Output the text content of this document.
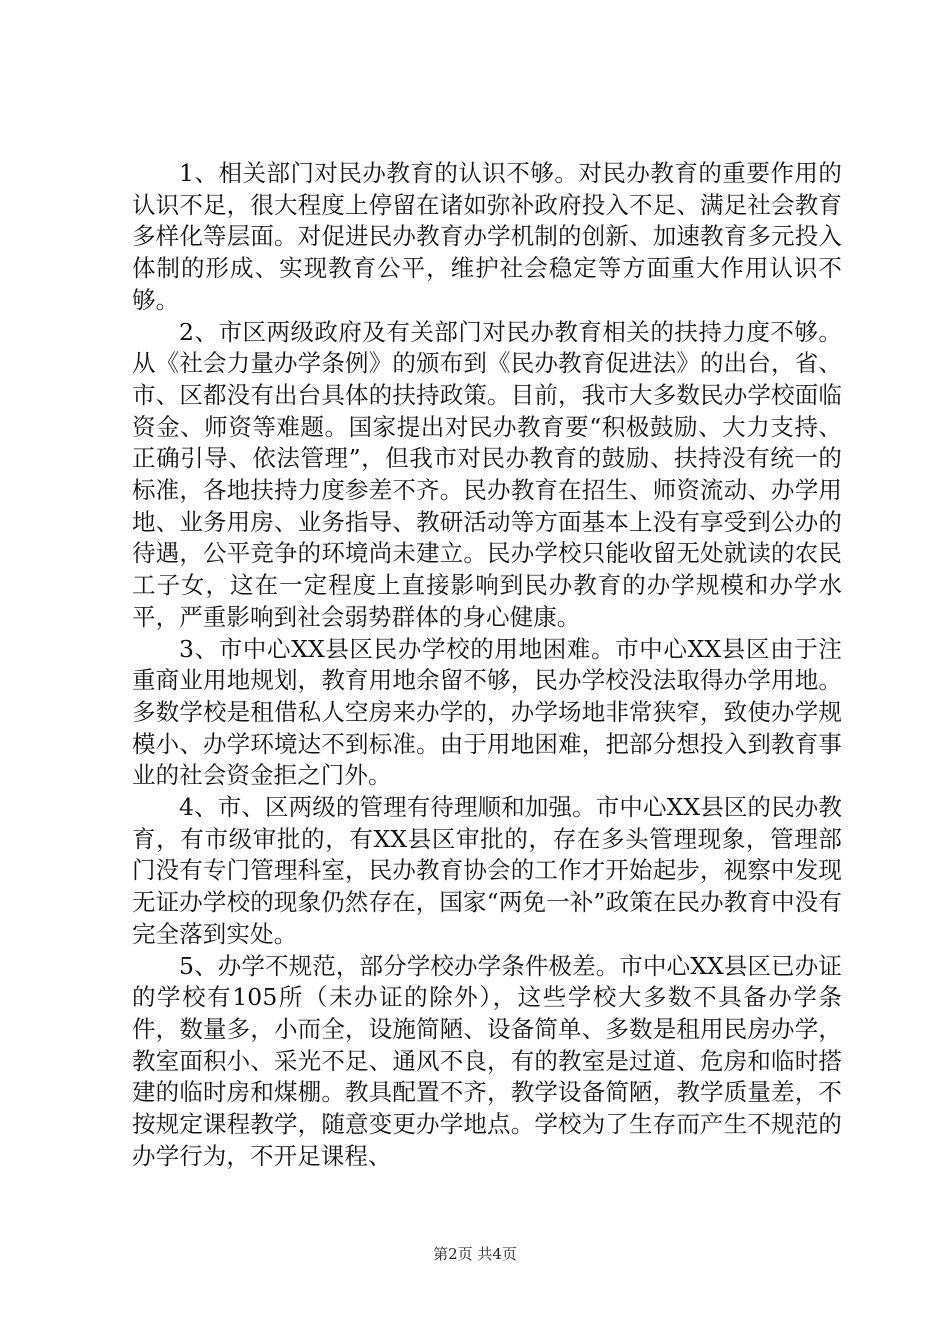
1、相关部门对民办教育的认识不够。对民办教育的重要作用的认识不足，很大程度上停留在诸如弥补政府投入不足、满足社会教育多样化等层面。对促进民办教育办学机制的创新、加速教育多元投入体制的形成、实现教育公平，维护社会稳定等方面重大作用认识不够。

2、市区两级政府及有关部门对民办教育相关的扶持力度不够。从《社会力量办学条例》的颁布到《民办教育促进法》的出台，省、市、区都没有出台具体的扶持政策。目前，我市大多数民办学校面临资金、师资等难题。国家提出对民办教育要“积极鼓励、大力支持、正确引导、依法管理”，但我市对民办教育的鼓励、扶持没有统一的标准，各地扶持力度参差不齐。民办教育在招生、师资流动、办学用地、业务用房、业务指导、教研活动等方面基本上没有享受到公办的待遇，公平竞争的环境尚未建立。民办学校只能收留无处就读的农民工子女，这在一定程度上直接影响到民办教育的办学规模和办学水平，严重影响到社会弱势群体的身心健康。

3、市中心XX县区民办学校的用地困难。市中心XX县区由于注重商业用地规划，教育用地余留不够，民办学校没法取得办学用地。多数学校是租借私人空房来办学的，办学场地非常狭窄，致使办学规模小、办学环境达不到标准。由于用地困难，把部分想投入到教育事业的社会资金拒之门外。

4、市、区两级的管理有待理顺和加强。市中心XX县区的民办教育，有市级审批的，有XX县区审批的，存在多头管理现象，管理部门没有专门管理科室，民办教育协会的工作才开始起步，视察中发现无证办学校的现象仍然存在，国家“两免一补”政策在民办教育中没有完全落到实处。

5、办学不规范，部分学校办学条件极差。市中心XX县区已办证的学校有105所（未办证的除外），这些学校大多数不具备办学条件，数量多，小而全，设施简陋、设备简单、多数是租用民房办学，教室面积小、采光不足、通风不良，有的教室是过道、危房和临时搭建的临时房和煤棚。教具配置不齐，教学设备简陋，教学质量差，不按规定课程教学，随意变更办学地点。学校为了生存而产生不规范的办学行为，不开足课程、

第2页 共4页
